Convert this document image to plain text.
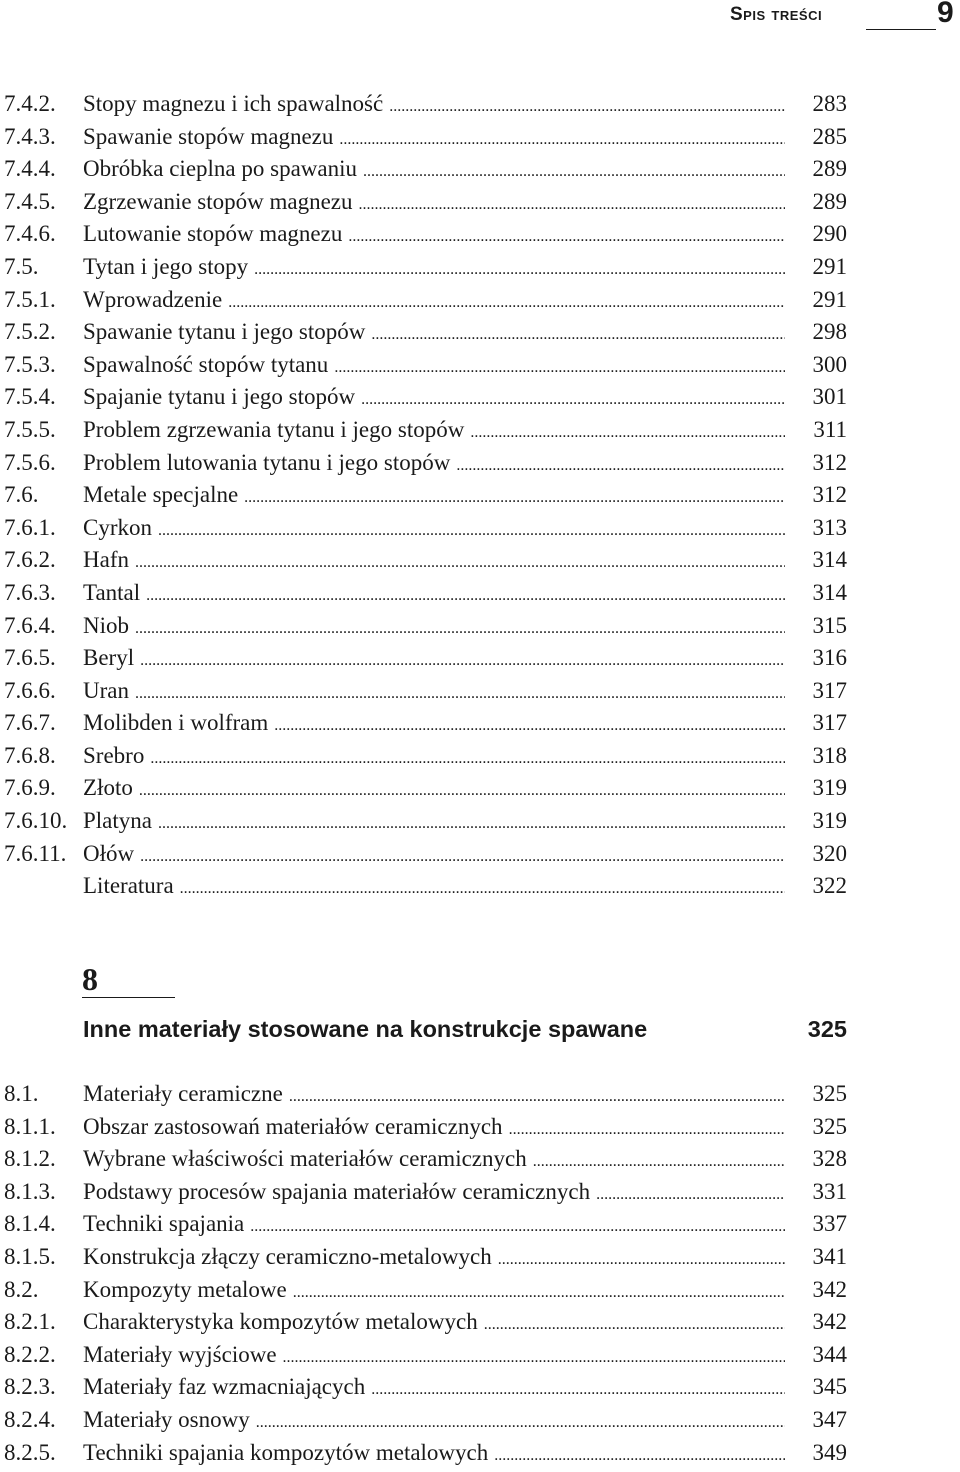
Spis treści	9
7.4.2. Stopy magnezu i ich spawalność .....	283
7.4.3. Spawanie stopów magnezu .....	285
7.4.4. Obróbka cieplna po spawaniu .....	289
7.4.5. Zgrzewanie stopów magnezu .....	289
7.4.6. Lutowanie stopów magnezu .....	290
7.5. Tytan i jego stopy .....	291
7.5.1. Wprowadzenie .....	291
7.5.2. Spawanie tytanu i jego stopów .....	298
7.5.3. Spawalność stopów tytanu .....	300
7.5.4. Spajanie tytanu i jego stopów .....	301
7.5.5. Problem zgrzewania tytanu i jego stopów .....	311
7.5.6. Problem lutowania tytanu i jego stopów .....	312
7.6. Metale specjalne .....	312
7.6.1. Cyrkon .....	313
7.6.2. Hafn .....	314
7.6.3. Tantal .....	314
7.6.4. Niob .....	315
7.6.5. Beryl .....	316
7.6.6. Uran .....	317
7.6.7. Molibden i wolfram .....	317
7.6.8. Srebro .....	318
7.6.9. Złoto .....	319
7.6.10. Platyna .....	319
7.6.11. Ołów .....	320
Literatura .....	322
8
Inne materiały stosowane na konstrukcje spawane	325
8.1. Materiały ceramiczne .....	325
8.1.1. Obszar zastosowań materiałów ceramicznych .....	325
8.1.2. Wybrane właściwości materiałów ceramicznych .....	328
8.1.3. Podstawy procesów spajania materiałów ceramicznych .....	331
8.1.4. Techniki spajania .....	337
8.1.5. Konstrukcja złączy ceramiczno-metalowych .....	341
8.2. Kompozyty metalowe .....	342
8.2.1. Charakterystyka kompozytów metalowych .....	342
8.2.2. Materiały wyjściowe .....	344
8.2.3. Materiały faz wzmacniających .....	345
8.2.4. Materiały osnowy .....	347
8.2.5. Techniki spajania kompozytów metalowych .....	349
